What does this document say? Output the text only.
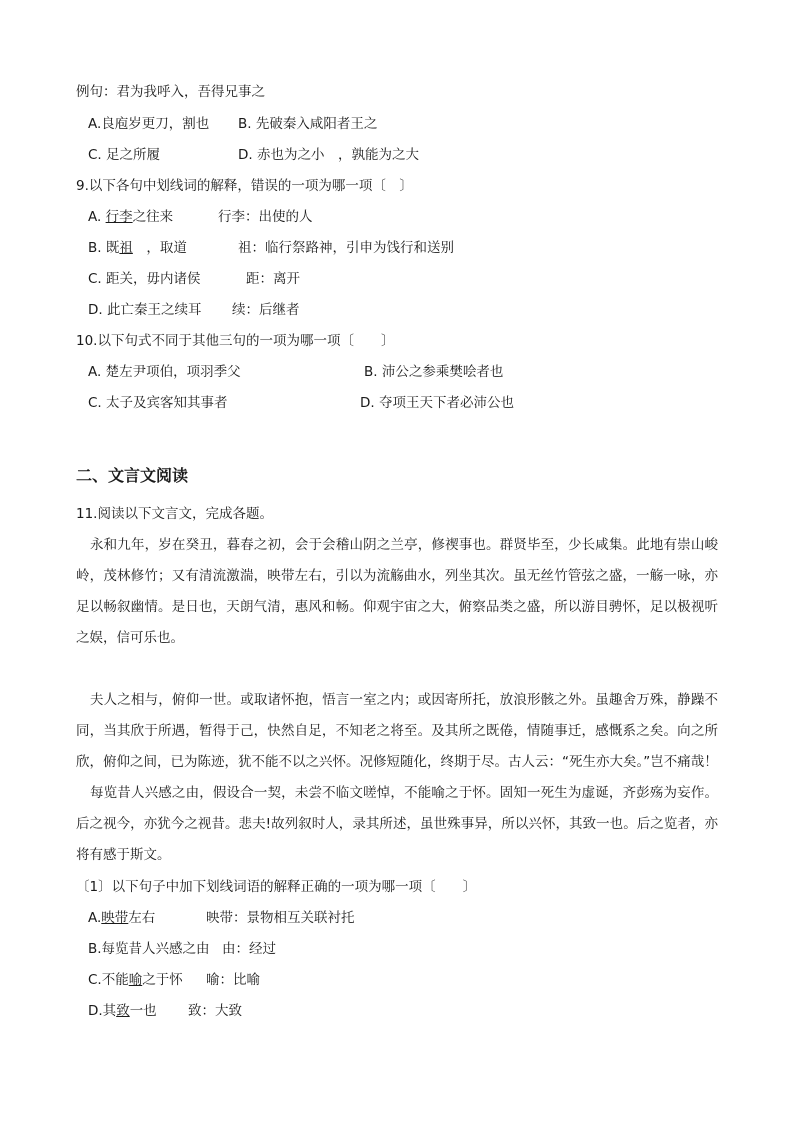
例句：君为我呼入，吾得兄事之
A.良庖岁更刀，割也 B. 先破秦入咸阳者王之
C. 足之所履	D. 赤也为之小　，孰能为之大
9.以下各句中划线词的解释，错误的一项为哪一项〔　〕
A. 行李之往来	行李：出使的人
B. 既祖　，取道	祖：临行祭路神，引申为饯行和送别
C. 距关，毋内诸侯	距：离开
D. 此亡秦王之续耳 续：后继者
10.以下句式不同于其他三句的一项为哪一项〔　　〕
A. 楚左尹项伯，项羽季父	B. 沛公之参乘樊哙者也
C. 太子及宾客知其事者	D. 夺项王天下者必沛公也
二、文言文阅读
11.阅读以下文言文，完成各题。
永和九年，岁在癸丑，暮春之初，会于会稽山阴之兰亭，修禊事也。群贤毕至，少长咸集。此地有崇山峻岭，茂林修竹；又有清流激湍，映带左右，引以为流觞曲水，列坐其次。虽无丝竹管弦之盛，一觞一咏，亦足以畅叙幽情。是日也，天朗气清，惠风和畅。仰观宇宙之大，俯察品类之盛，所以游目骋怀，足以极视听之娱，信可乐也。
夫人之相与，俯仰一世。或取诸怀抱，悟言一室之内；或因寄所托，放浪形骸之外。虽趣舍万殊，静躁不同，当其欣于所遇，暂得于己，快然自足，不知老之将至。及其所之既倦，情随事迁，感慨系之矣。向之所欣，俯仰之间，已为陈迹，犹不能不以之兴怀。况修短随化，终期于尽。古人云：“死生亦大矣。”岂不痛哉！
每览昔人兴感之由，假设合一契，未尝不临文嗟悼，不能喻之于怀。固知一死生为虚诞，齐彭殇为妄作。后之视今，亦犹今之视昔。悲夫!故列叙时人，录其所述，虽世殊事异，所以兴怀，其致一也。后之览者，亦将有感于斯文。
〔1〕以下句子中加下划线词语的解释正确的一项为哪一项〔　　〕
A.映带左右	映带：景物相互关联衬托
B.每览昔人兴感之由 由：经过
C.不能喻之于怀 喻：比喻
D.其致一也 致：大致
